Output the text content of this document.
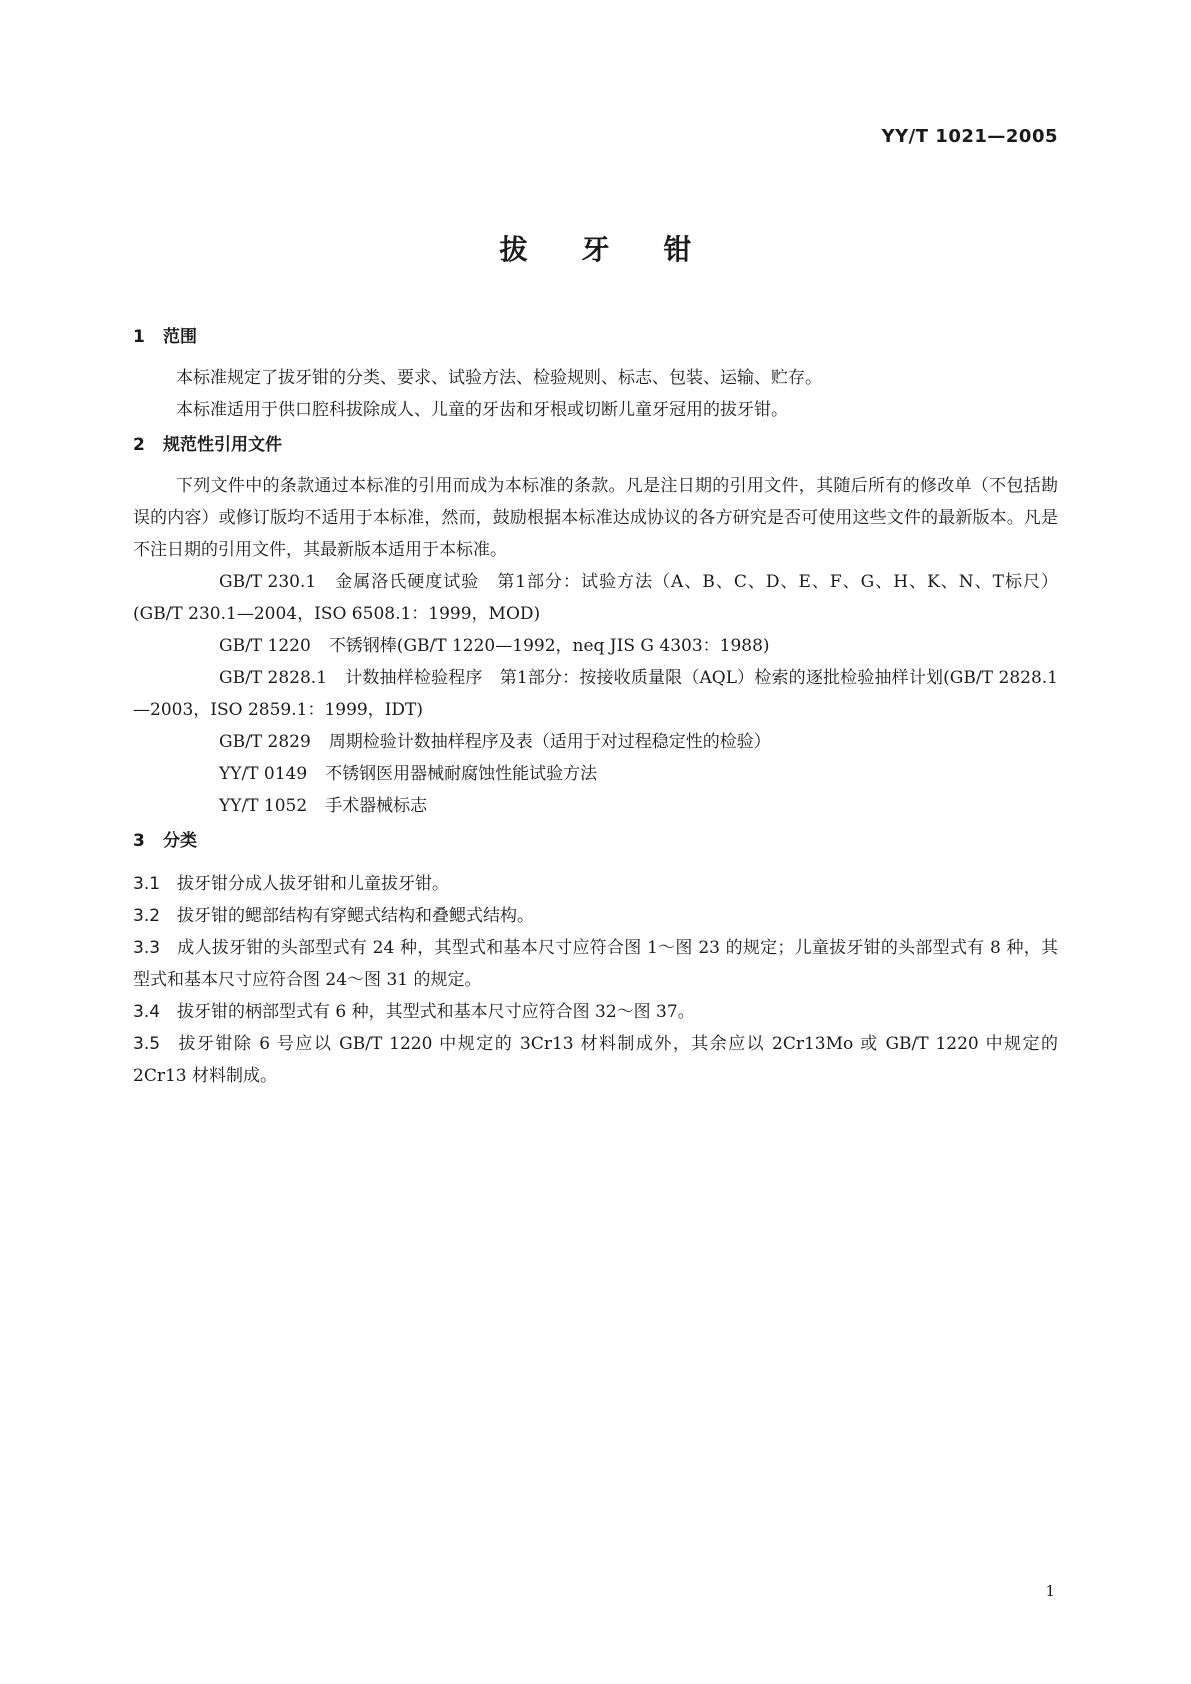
YY/T 1021—2005
拔牙钳
1 范围
本标准规定了拔牙钳的分类、要求、试验方法、检验规则、标志、包装、运输、贮存。
本标准适用于供口腔科拔除成人、儿童的牙齿和牙根或切断儿童牙冠用的拔牙钳。
2 规范性引用文件
下列文件中的条款通过本标准的引用而成为本标准的条款。凡是注日期的引用文件，其随后所有的修改单（不包括勘误的内容）或修订版均不适用于本标准，然而，鼓励根据本标准达成协议的各方研究是否可使用这些文件的最新版本。凡是不注日期的引用文件，其最新版本适用于本标准。
GB/T 230.1 金属洛氏硬度试验　第1部分：试验方法（A、B、C、D、E、F、G、H、K、N、T标尺）(GB/T 230.1—2004，ISO 6508.1：1999，MOD)
GB/T 1220 不锈钢棒(GB/T 1220—1992，neq JIS G 4303：1988)
GB/T 2828.1 计数抽样检验程序　第1部分：按接收质量限（AQL）检索的逐批检验抽样计划(GB/T 2828.1—2003，ISO 2859.1：1999，IDT)
GB/T 2829 周期检验计数抽样程序及表（适用于对过程稳定性的检验）
YY/T 0149 不锈钢医用器械耐腐蚀性能试验方法
YY/T 1052 手术器械标志
3 分类
3.1 拔牙钳分成人拔牙钳和儿童拔牙钳。
3.2 拔牙钳的鳃部结构有穿鳃式结构和叠鳃式结构。
3.3 成人拔牙钳的头部型式有 24 种，其型式和基本尺寸应符合图 1～图 23 的规定；儿童拔牙钳的头部型式有 8 种，其型式和基本尺寸应符合图 24～图 31 的规定。
3.4 拔牙钳的柄部型式有 6 种，其型式和基本尺寸应符合图 32～图 37。
3.5 拔牙钳除 6 号应以 GB/T 1220 中规定的 3Cr13 材料制成外，其余应以 2Cr13Mo 或 GB/T 1220 中规定的 2Cr13 材料制成。
1
